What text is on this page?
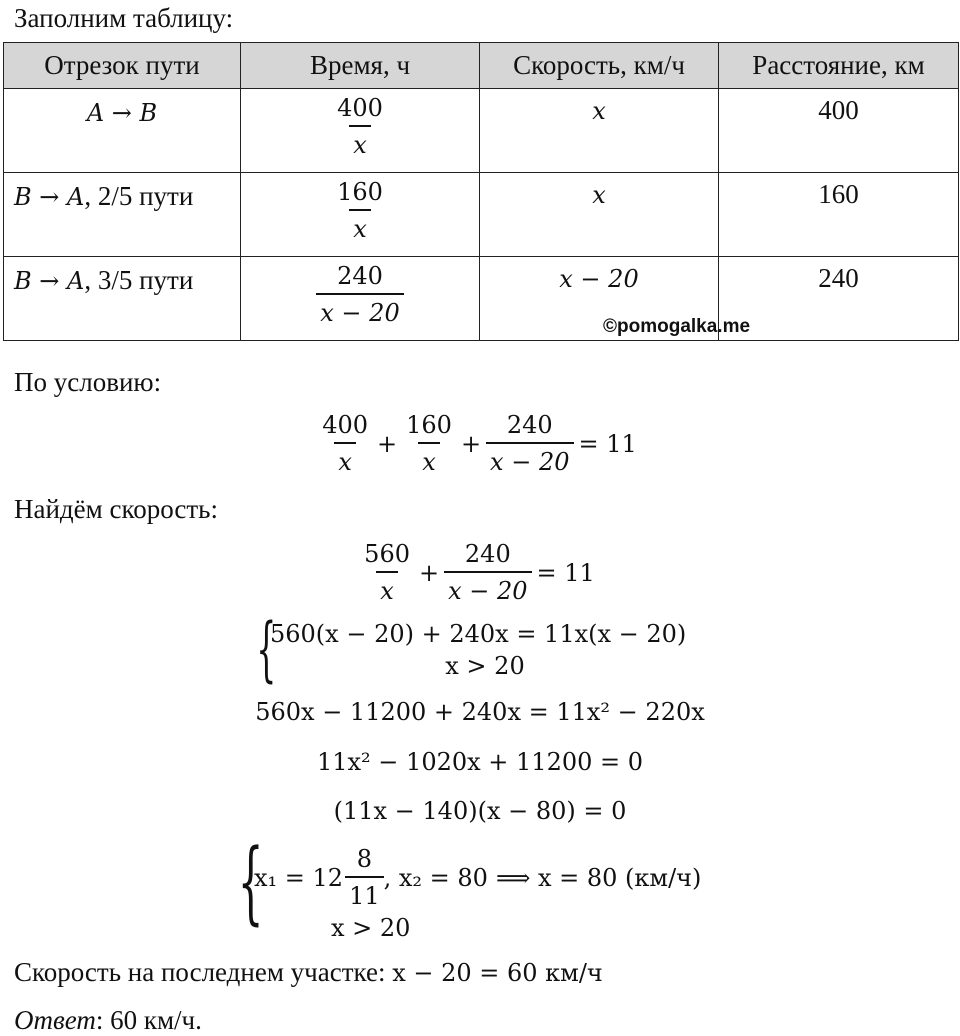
Заполним таблицу:
Отрезок пути	Время, ч	Скорость, км/ч	Расстояние, км
A → B	$\frac{400}{x}$	x	400
B → A, 2/5 пути	$\frac{160}{x}$	x	160
B → A, 3/5 пути	$\frac{240}{x - 20}$	x − 20	240
©pomogalka.me
По условию:
$\frac{400}{x} + \frac{160}{x} + \frac{240}{x - 20} = 11$
Найдём скорость:
$\frac{560}{x} + \frac{240}{x - 20} = 11$
{
560(x − 20) + 240x = 11x(x − 20)
x > 20
560x − 11200 + 240x = 11x² − 220x
11x² − 1020x + 11200 = 0
(11x − 140)(x − 80) = 0
{
$x_1 = 12 \frac{8}{11}$ , x₂ = 80 ⟹ x = 80 (км/ч)
x > 20
Скорость на последнем участке: x − 20 = 60 км/ч
Ответ: 60 км/ч.
